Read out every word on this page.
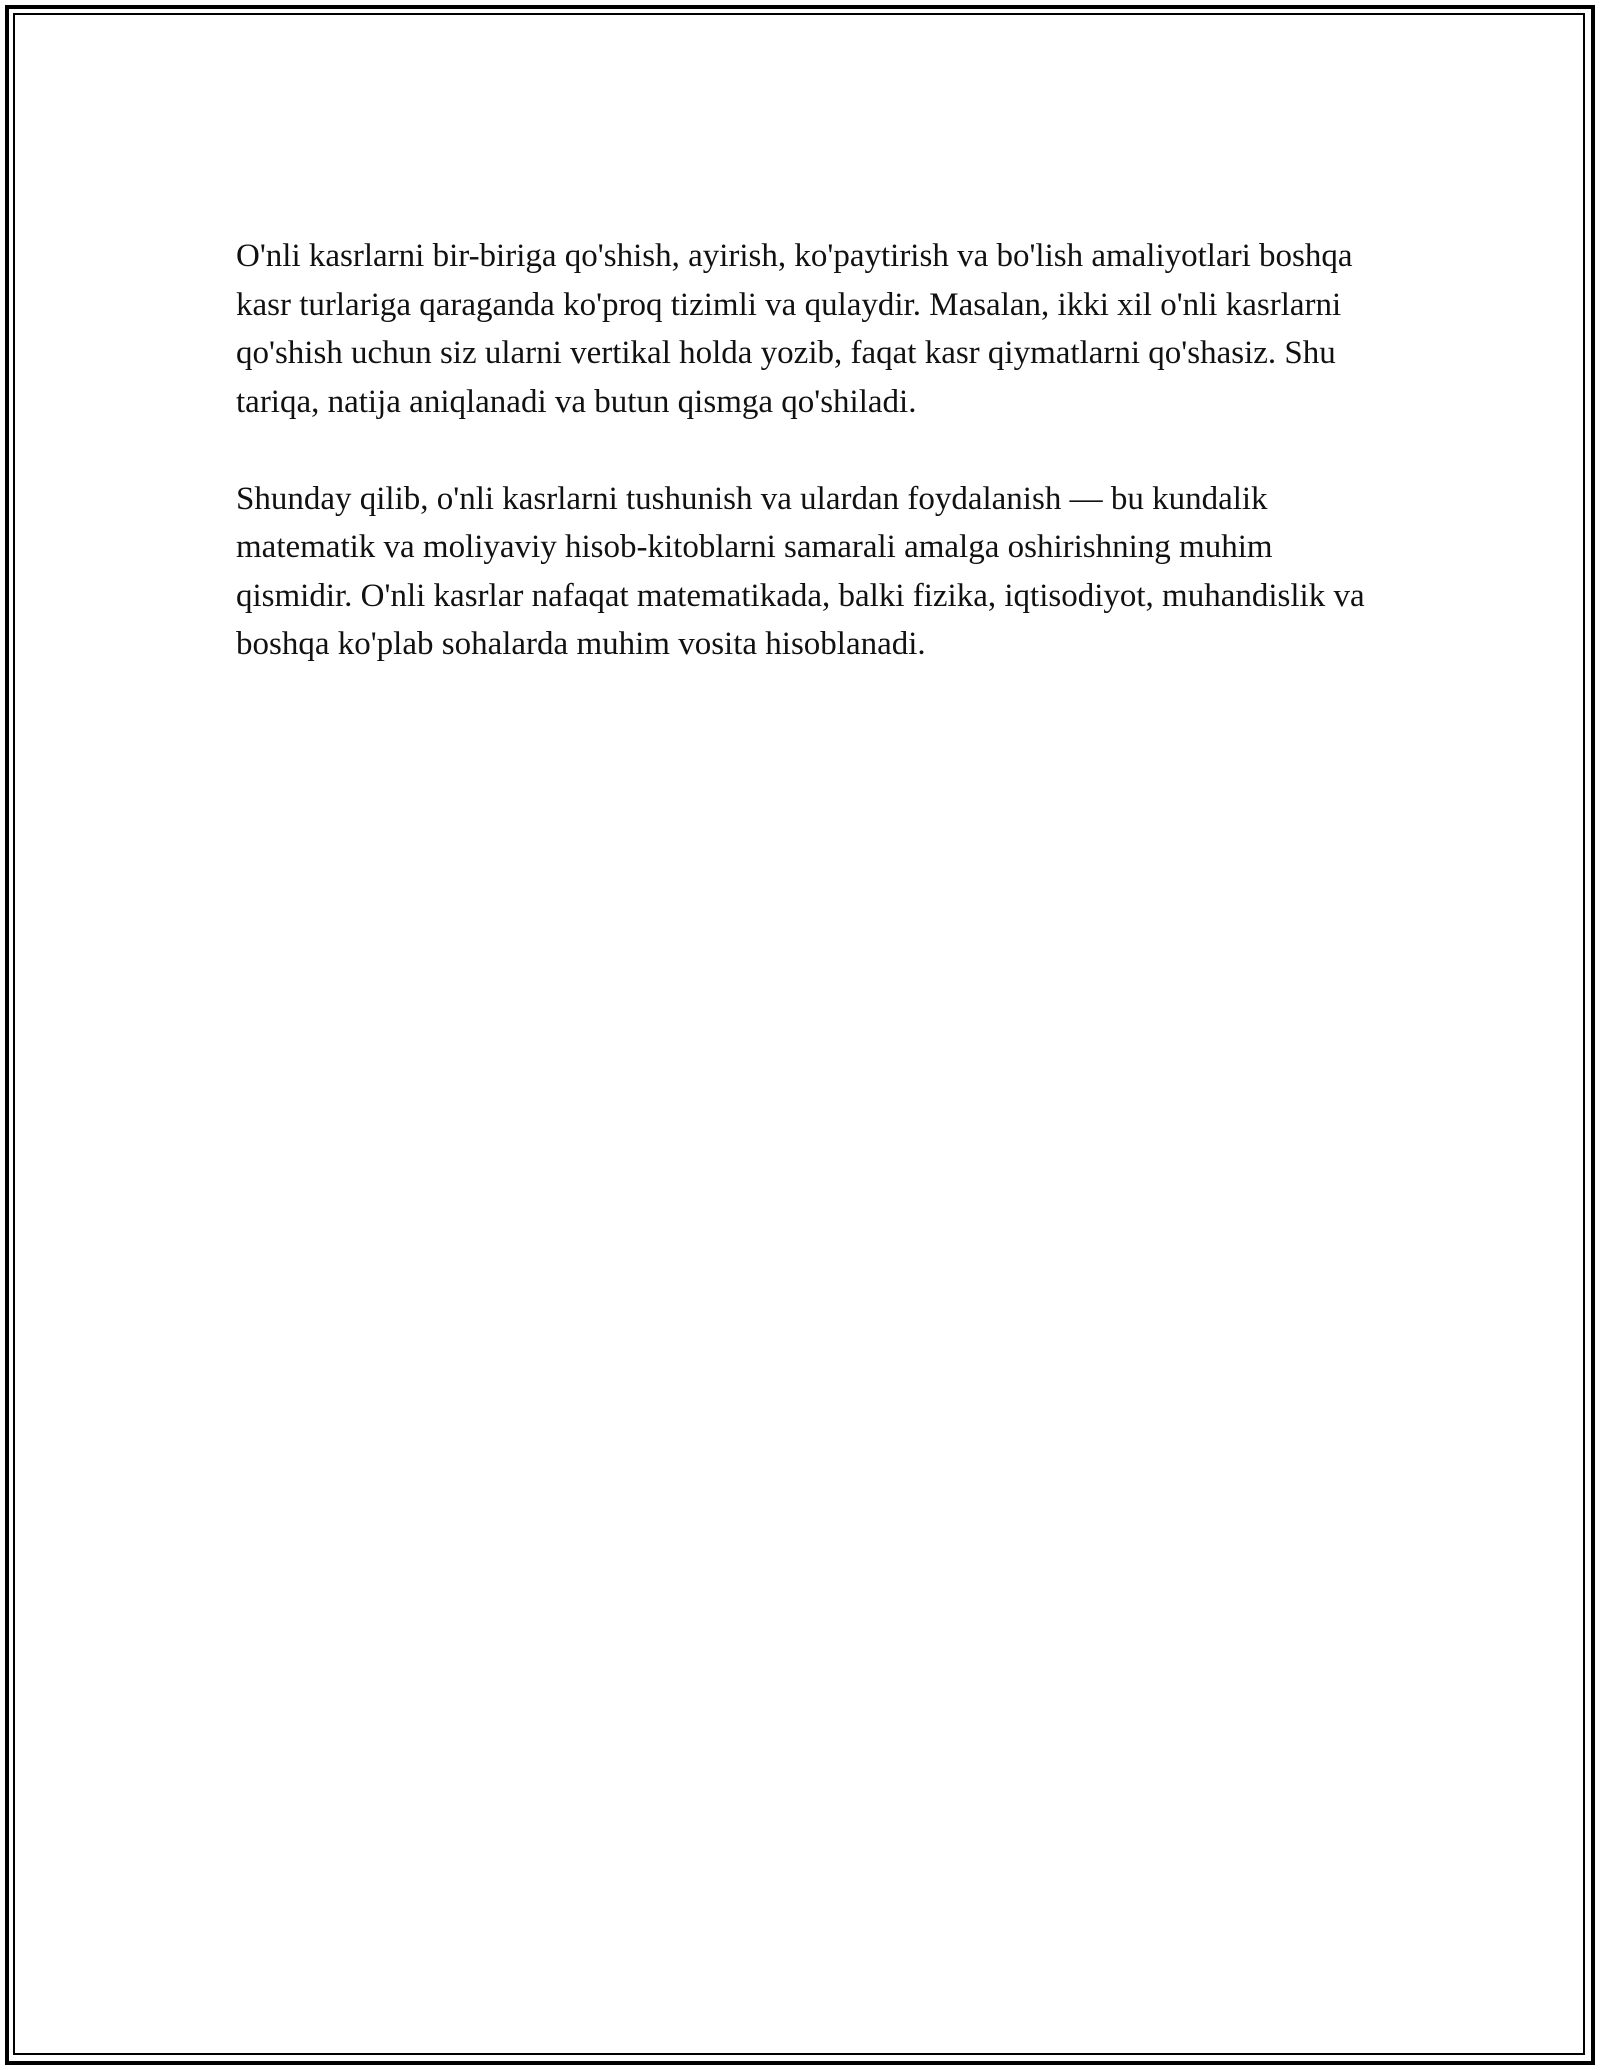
O'nli kasrlarni bir-biriga qo'shish, ayirish, ko'paytirish va bo'lish amaliyotlari boshqa kasr turlariga qaraganda ko'proq tizimli va qulaydir. Masalan, ikki xil o'nli kasrlarni qo'shish uchun siz ularni vertikal holda yozib, faqat kasr qiymatlarni qo'shasiz. Shu tariqa, natija aniqlanadi va butun qismga qo'shiladi.

Shunday qilib, o'nli kasrlarni tushunish va ulardan foydalanish — bu kundalik matematik va moliyaviy hisob-kitoblarni samarali amalga oshirishning muhim qismidir. O'nli kasrlar nafaqat matematikada, balki fizika, iqtisodiyot, muhandislik va boshqa ko'plab sohalarda muhim vosita hisoblanadi.
